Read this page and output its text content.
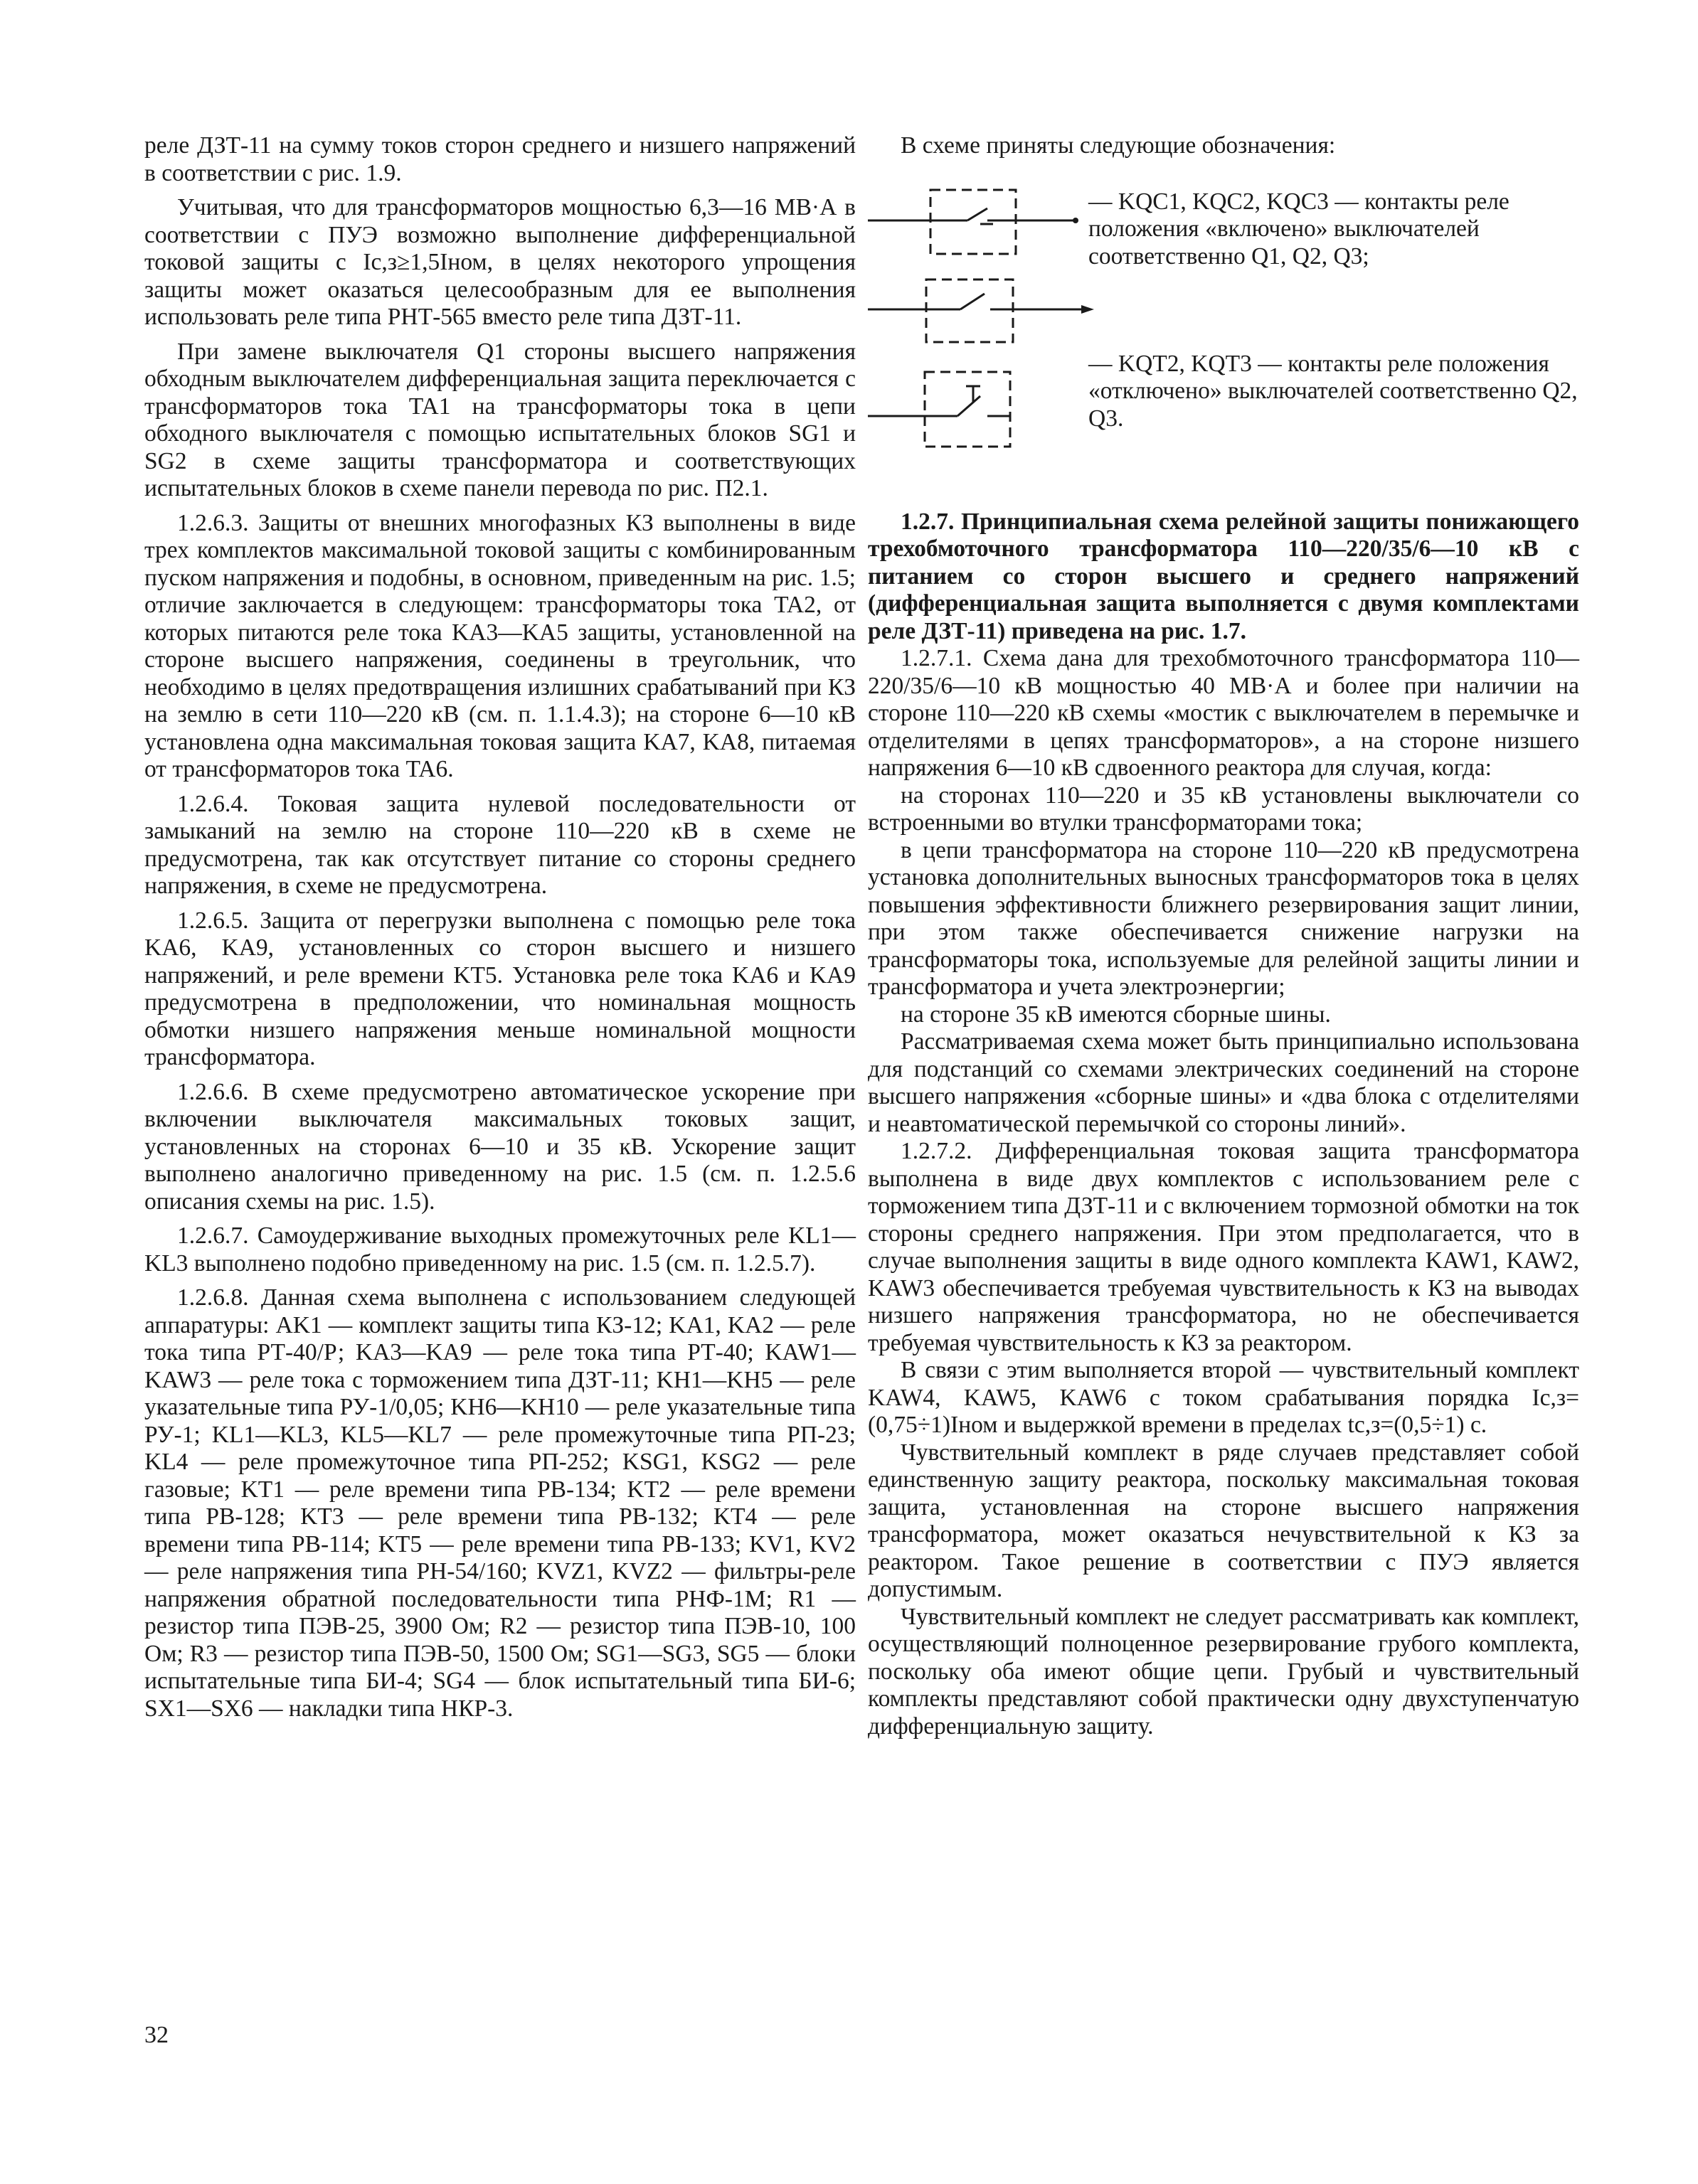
реле ДЗТ-11 на сумму токов сторон среднего и низшего напряжений в соответствии с рис. 1.9.

Учитывая, что для трансформаторов мощностью 6,3—16 МВ·А в соответствии с ПУЭ возможно выполнение дифференциальной токовой защиты с Iс,з≥1,5Iном, в целях некоторого упрощения защиты может оказаться целесообразным для ее выполнения использовать реле типа РНТ-565 вместо реле типа ДЗТ-11.

При замене выключателя Q1 стороны высшего напряжения обходным выключателем дифференциальная защита переключается с трансформаторов тока TA1 на трансформаторы тока в цепи обходного выключателя с помощью испытательных блоков SG1 и SG2 в схеме защиты трансформатора и соответствующих испытательных блоков в схеме панели перевода по рис. П2.1.

1.2.6.3. Защиты от внешних многофазных КЗ выполнены в виде трех комплектов максимальной токовой защиты с комбинированным пуском напряжения и подобны, в основном, приведенным на рис. 1.5; отличие заключается в следующем: трансформаторы тока TA2, от которых питаются реле тока KA3—KA5 защиты, установленной на стороне высшего напряжения, соединены в треугольник, что необходимо в целях предотвращения излишних срабатываний при КЗ на землю в сети 110—220 кВ (см. п. 1.1.4.3); на стороне 6—10 кВ установлена одна максимальная токовая защита KA7, KA8, питаемая от трансформаторов тока TA6.

1.2.6.4. Токовая защита нулевой последовательности от замыканий на землю на стороне 110—220 кВ в схеме не предусмотрена, так как отсутствует питание со стороны среднего напряжения, в схеме не предусмотрена.

1.2.6.5. Защита от перегрузки выполнена с помощью реле тока KA6, KA9, установленных со сторон высшего и низшего напряжений, и реле времени KT5. Установка реле тока KA6 и KA9 предусмотрена в предположении, что номинальная мощность обмотки низшего напряжения меньше номинальной мощности трансформатора.

1.2.6.6. В схеме предусмотрено автоматическое ускорение при включении выключателя максимальных токовых защит, установленных на сторонах 6—10 и 35 кВ. Ускорение защит выполнено аналогично приведенному на рис. 1.5 (см. п. 1.2.5.6 описания схемы на рис. 1.5).

1.2.6.7. Самоудерживание выходных промежуточных реле KL1—KL3 выполнено подобно приведенному на рис. 1.5 (см. п. 1.2.5.7).

1.2.6.8. Данная схема выполнена с использованием следующей аппаратуры: AK1 — комплект защиты типа КЗ-12; KA1, KA2 — реле тока типа РТ-40/Р; KA3—KA9 — реле тока типа РТ-40; KAW1—KAW3 — реле тока с торможением типа ДЗТ-11; KH1—KH5 — реле указательные типа РУ-1/0,05; KH6—KH10 — реле указательные типа РУ-1; KL1—KL3, KL5—KL7 — реле промежуточные типа РП-23; KL4 — реле промежуточное типа РП-252; KSG1, KSG2 — реле газовые; KT1 — реле времени типа РВ-134; KT2 — реле времени типа РВ-128; KT3 — реле времени типа РВ-132; KT4 — реле времени типа РВ-114; KT5 — реле времени типа РВ-133; KV1, KV2 — реле напряжения типа РН-54/160; KVZ1, KVZ2 — фильтры-реле напряжения обратной последовательности типа РНФ-1М; R1 — резистор типа ПЭВ-25, 3900 Ом; R2 — резистор типа ПЭВ-10, 100 Ом; R3 — резистор типа ПЭВ-50, 1500 Ом; SG1—SG3, SG5 — блоки испытательные типа БИ-4; SG4 — блок испытательный типа БИ-6; SX1—SX6 — накладки типа НКР-3.

В схеме приняты следующие обозначения:

— KQC1, KQC2, KQC3 — контакты реле положения «включено» выключателей соответственно Q1, Q2, Q3;
— KQT2, KQT3 — контакты реле положения «отключено» выключателей соответственно Q2, Q3.

1.2.7. Принципиальная схема релейной защиты понижающего трехобмоточного трансформатора 110—220/35/6—10 кВ с питанием со сторон высшего и среднего напряжений (дифференциальная защита выполняется с двумя комплектами реле ДЗТ-11) приведена на рис. 1.7.

1.2.7.1. Схема дана для трехобмоточного трансформатора 110—220/35/6—10 кВ мощностью 40 МВ·А и более при наличии на стороне 110—220 кВ схемы «мостик с выключателем в перемычке и отделителями в цепях трансформаторов», а на стороне низшего напряжения 6—10 кВ сдвоенного реактора для случая, когда:

на сторонах 110—220 и 35 кВ установлены выключатели со встроенными во втулки трансформаторами тока;

в цепи трансформатора на стороне 110—220 кВ предусмотрена установка дополнительных выносных трансформаторов тока в целях повышения эффективности ближнего резервирования защит линии, при этом также обеспечивается снижение нагрузки на трансформаторы тока, используемые для релейной защиты линии и трансформатора и учета электроэнергии;

на стороне 35 кВ имеются сборные шины.

Рассматриваемая схема может быть принципиально использована для подстанций со схемами электрических соединений на стороне высшего напряжения «сборные шины» и «два блока с отделителями и неавтоматической перемычкой со стороны линий».

1.2.7.2. Дифференциальная токовая защита трансформатора выполнена в виде двух комплектов с использованием реле с торможением типа ДЗТ-11 и с включением тормозной обмотки на ток стороны среднего напряжения. При этом предполагается, что в случае выполнения защиты в виде одного комплекта KAW1, KAW2, KAW3 обеспечивается требуемая чувствительность к КЗ на выводах низшего напряжения трансформатора, но не обеспечивается требуемая чувствительность к КЗ за реактором.

В связи с этим выполняется второй — чувствительный комплект KAW4, KAW5, KAW6 с током срабатывания порядка Iс,з=(0,75÷1)Iном и выдержкой времени в пределах tс,з=(0,5÷1) с.

Чувствительный комплект в ряде случаев представляет собой единственную защиту реактора, поскольку максимальная токовая защита, установленная на стороне высшего напряжения трансформатора, может оказаться нечувствительной к КЗ за реактором. Такое решение в соответствии с ПУЭ является допустимым.

Чувствительный комплект не следует рассматривать как комплект, осуществляющий полноценное резервирование грубого комплекта, поскольку оба имеют общие цепи. Грубый и чувствительный комплекты представляют собой практически одну двухступенчатую дифференциальную защиту.

32
